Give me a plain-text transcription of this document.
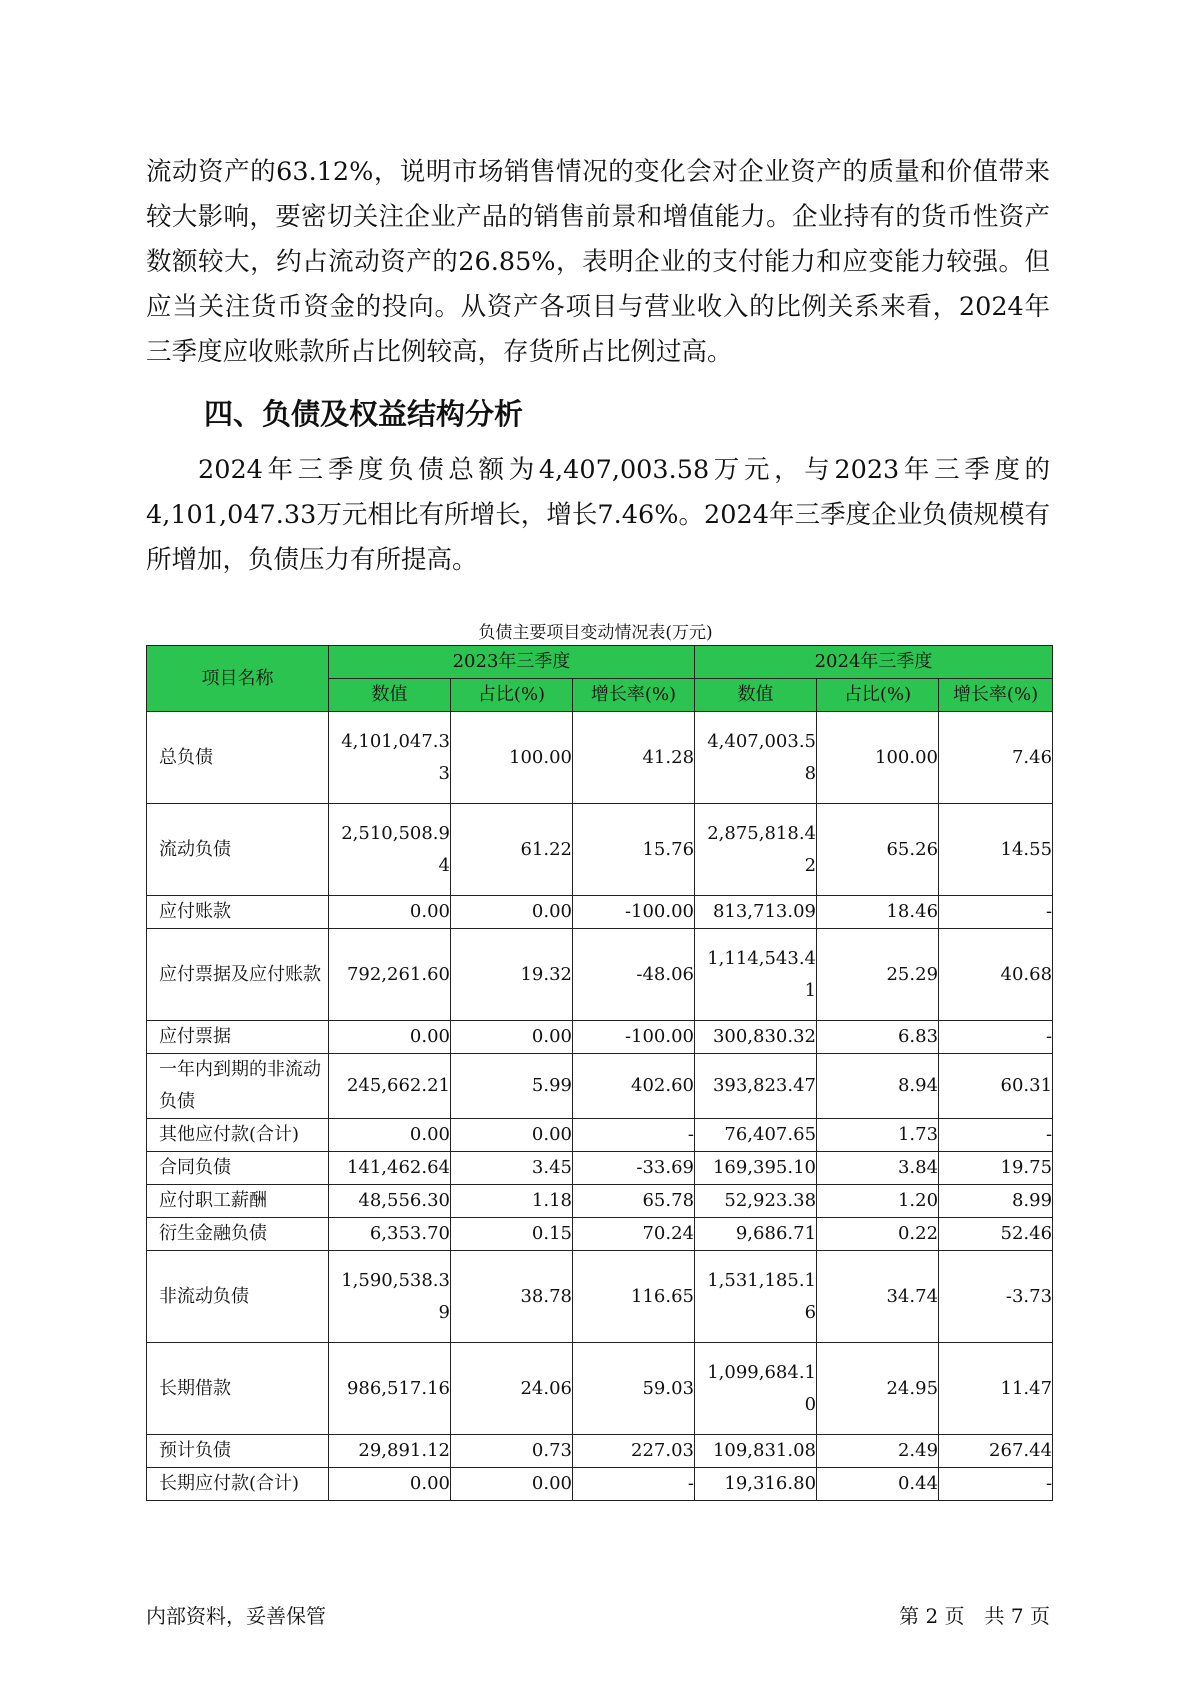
流动资产的63.12%，说明市场销售情况的变化会对企业资产的质量和价值带来较大影响，要密切关注企业产品的销售前景和增值能力。企业持有的货币性资产数额较大，约占流动资产的26.85%，表明企业的支付能力和应变能力较强。但应当关注货币资金的投向。从资产各项目与营业收入的比例关系来看，2024年三季度应收账款所占比例较高，存货所占比例过高。

四、负债及权益结构分析

2024年三季度负债总额为4,407,003.58万元，与2023年三季度的4,101,047.33万元相比有所增长，增长7.46%。2024年三季度企业负债规模有所增加，负债压力有所提高。

负债主要项目变动情况表(万元)
项目名称	2023年三季度			2024年三季度		
	数值	占比(%)	增长率(%)	数值	占比(%)	增长率(%)
总负债	4,101,047.33	100.00	41.28	4,407,003.58	100.00	7.46
流动负债	2,510,508.94	61.22	15.76	2,875,818.42	65.26	14.55
应付账款	0.00	0.00	-100.00	813,713.09	18.46	-
应付票据及应付账款	792,261.60	19.32	-48.06	1,114,543.41	25.29	40.68
应付票据	0.00	0.00	-100.00	300,830.32	6.83	-
一年内到期的非流动负债	245,662.21	5.99	402.60	393,823.47	8.94	60.31
其他应付款(合计)	0.00	0.00	-	76,407.65	1.73	-
合同负债	141,462.64	3.45	-33.69	169,395.10	3.84	19.75
应付职工薪酬	48,556.30	1.18	65.78	52,923.38	1.20	8.99
衍生金融负债	6,353.70	0.15	70.24	9,686.71	0.22	52.46
非流动负债	1,590,538.39	38.78	116.65	1,531,185.16	34.74	-3.73
长期借款	986,517.16	24.06	59.03	1,099,684.10	24.95	11.47
预计负债	29,891.12	0.73	227.03	109,831.08	2.49	267.44
长期应付款(合计)	0.00	0.00	-	19,316.80	0.44	-
内部资料，妥善保管	第 2 页　共 7 页
